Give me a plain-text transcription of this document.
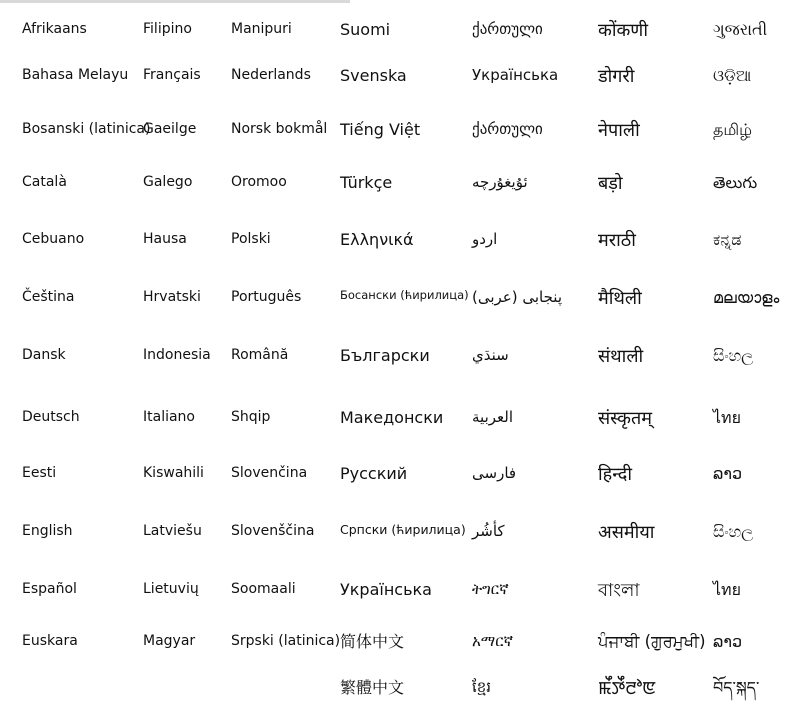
Afrikaans
Bahasa Melayu
Bosanski (latinica)
Català
Cebuano
Čeština
Dansk
Deutsch
Eesti
English
Español
Euskara
Filipino
Français
Gaeilge
Galego
Hausa
Hrvatski
Indonesia
Italiano
Kiswahili
Latviešu
Lietuvių
Magyar
Manipuri
Nederlands
Norsk bokmål
Oromoo
Polski
Português
Română
Shqip
Slovenčina
Slovenščina
Soomaali
Srpski (latinica)
Suomi
Svenska
Tiếng Việt
Türkçe
Ελληνικά
Босански (ћирилица)
Български
Македонски
Русский
Српски (ћирилица)
Українська
简体中文
繁體中文
ქართული
Українська
ქართული
ئۇيغۇرچە
اردو
پنجابی (عربی)
سنڌي
العربية
فارسی
کأشُر
ትግርኛ
አማርኛ
ខ្មែរ
कोंकणी
डोगरी
नेपाली
बड़ो
मराठी
मैथिली
संथाली
संस्कृतम्
हिन्दी
असमीया
বাংলা
ਪੰਜਾਬੀ (ਗੁਰਮੁਖੀ)
ꯃꯩꯇꯩꯂꯣꯟ
ગુજરાતી
ଓଡ଼ିଆ
தமிழ்
తెలుగు
ಕನ್ನಡ
മലയാളം
සිංහල
ไทย
ລາວ
සිංහල
ไทย
ລາວ
བོད་སྐད་
